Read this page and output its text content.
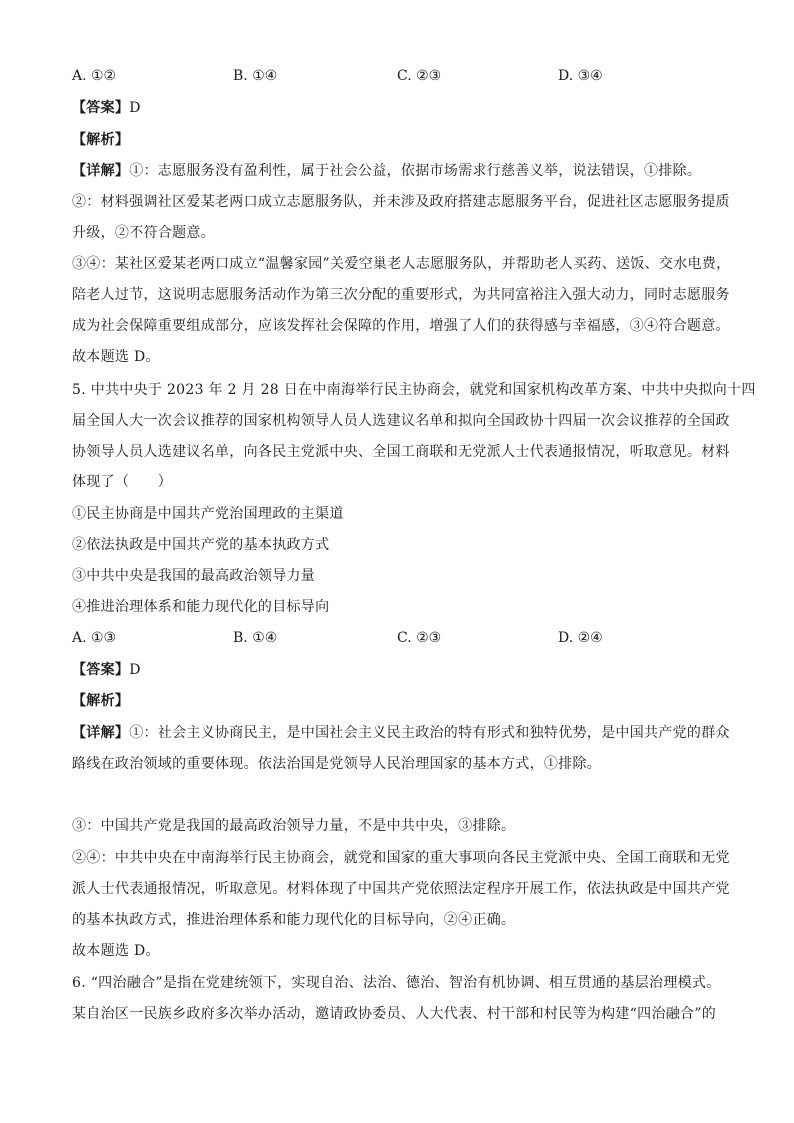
A. ①②	B. ①④	C. ②③	D. ③④
【答案】D
【解析】
【详解】①：志愿服务没有盈利性，属于社会公益，依据市场需求行慈善义举，说法错误，①排除。
②：材料强调社区爱某老两口成立志愿服务队，并未涉及政府搭建志愿服务平台，促进社区志愿服务提质
升级，②不符合题意。
③④：某社区爱某老两口成立“温馨家园”关爱空巢老人志愿服务队，并帮助老人买药、送饭、交水电费，
陪老人过节，这说明志愿服务活动作为第三次分配的重要形式，为共同富裕注入强大动力，同时志愿服务
成为社会保障重要组成部分，应该发挥社会保障的作用，增强了人们的获得感与幸福感，③④符合题意。
故本题选 D。
5. 中共中央于 2023 年 2 月 28 日在中南海举行民主协商会，就党和国家机构改革方案、中共中央拟向十四
届全国人大一次会议推荐的国家机构领导人员人选建议名单和拟向全国政协十四届一次会议推荐的全国政
协领导人员人选建议名单，向各民主党派中央、全国工商联和无党派人士代表通报情况，听取意见。材料
体现了（　　）
①民主协商是中国共产党治国理政的主渠道
②依法执政是中国共产党的基本执政方式
③中共中央是我国的最高政治领导力量
④推进治理体系和能力现代化的目标导向
A. ①③	B. ①④	C. ②③	D. ②④
【答案】D
【解析】
【详解】①：社会主义协商民主，是中国社会主义民主政治的特有形式和独特优势，是中国共产党的群众
路线在政治领域的重要体现。依法治国是党领导人民治理国家的基本方式，①排除。
③：中国共产党是我国的最高政治领导力量，不是中共中央，③排除。
②④：中共中央在中南海举行民主协商会，就党和国家的重大事项向各民主党派中央、全国工商联和无党
派人士代表通报情况，听取意见。材料体现了中国共产党依照法定程序开展工作，依法执政是中国共产党
的基本执政方式，推进治理体系和能力现代化的目标导向，②④正确。
故本题选 D。
6. “四治融合”是指在党建统领下，实现自治、法治、德治、智治有机协调、相互贯通的基层治理模式。
某自治区一民族乡政府多次举办活动，邀请政协委员、人大代表、村干部和村民等为构建“四治融合”的
